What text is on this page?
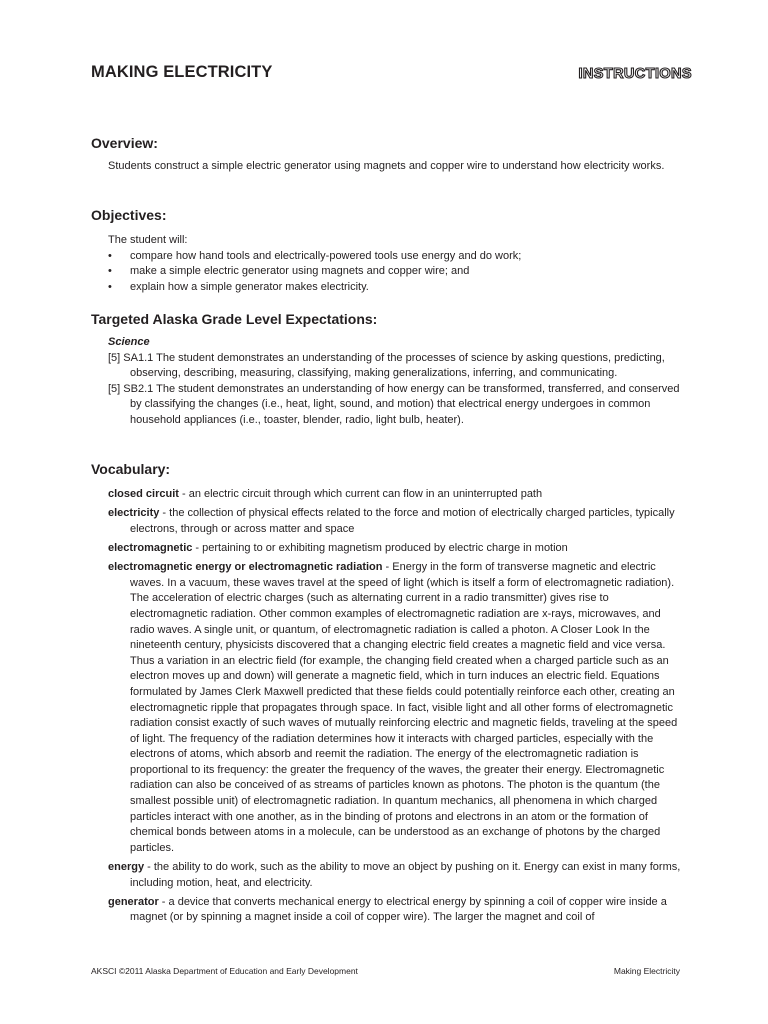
MAKING ELECTRICITY	INSTRUCTIONS
Overview:

Students construct a simple electric generator using magnets and copper wire to understand how electricity works.

Objectives:

The student will:

• compare how hand tools and electrically-powered tools use energy and do work;
• make a simple electric generator using magnets and copper wire; and
• explain how a simple generator makes electricity.
Targeted Alaska Grade Level Expectations:

Science

[5] SA1.1 The student demonstrates an understanding of the processes of science by asking questions, predicting, observing, describing, measuring, classifying, making generalizations, inferring, and communicating.

[5] SB2.1 The student demonstrates an understanding of how energy can be transformed, transferred, and conserved by classifying the changes (i.e., heat, light, sound, and motion) that electrical energy undergoes in common household appliances (i.e., toaster, blender, radio, light bulb, heater).

Vocabulary:

closed circuit - an electric circuit through which current can flow in an uninterrupted path

electricity - the collection of physical effects related to the force and motion of electrically charged particles, typically electrons, through or across matter and space

electromagnetic - pertaining to or exhibiting magnetism produced by electric charge in motion

electromagnetic energy or electromagnetic radiation - Energy in the form of transverse magnetic and electric waves. In a vacuum, these waves travel at the speed of light (which is itself a form of electromagnetic radiation). The acceleration of electric charges (such as alternating current in a radio transmitter) gives rise to electromagnetic radiation. Other common examples of electromagnetic radiation are x-rays, microwaves, and radio waves. A single unit, or quantum, of electromagnetic radiation is called a photon. A Closer Look In the nineteenth century, physicists discovered that a changing electric field creates a magnetic field and vice versa. Thus a variation in an electric field (for example, the changing field created when a charged particle such as an electron moves up and down) will generate a magnetic field, which in turn induces an electric field. Equations formulated by James Clerk Maxwell predicted that these fields could potentially reinforce each other, creating an electromagnetic ripple that propagates through space. In fact, visible light and all other forms of electromagnetic radiation consist exactly of such waves of mutually reinforcing electric and magnetic fields, traveling at the speed of light. The frequency of the radiation determines how it interacts with charged particles, especially with the electrons of atoms, which absorb and reemit the radiation. The energy of the electromagnetic radiation is proportional to its frequency: the greater the frequency of the waves, the greater their energy. Electromagnetic radiation can also be conceived of as streams of particles known as photons. The photon is the quantum (the smallest possible unit) of electromagnetic radiation. In quantum mechanics, all phenomena in which charged particles interact with one another, as in the binding of protons and electrons in an atom or the formation of chemical bonds between atoms in a molecule, can be understood as an exchange of photons by the charged particles.

energy - the ability to do work, such as the ability to move an object by pushing on it. Energy can exist in many forms, including motion, heat, and electricity.

generator - a device that converts mechanical energy to electrical energy by spinning a coil of copper wire inside a magnet (or by spinning a magnet inside a coil of copper wire). The larger the magnet and coil of

AKSCI ©2011 Alaska Department of Education and Early Development	Making Electricity
